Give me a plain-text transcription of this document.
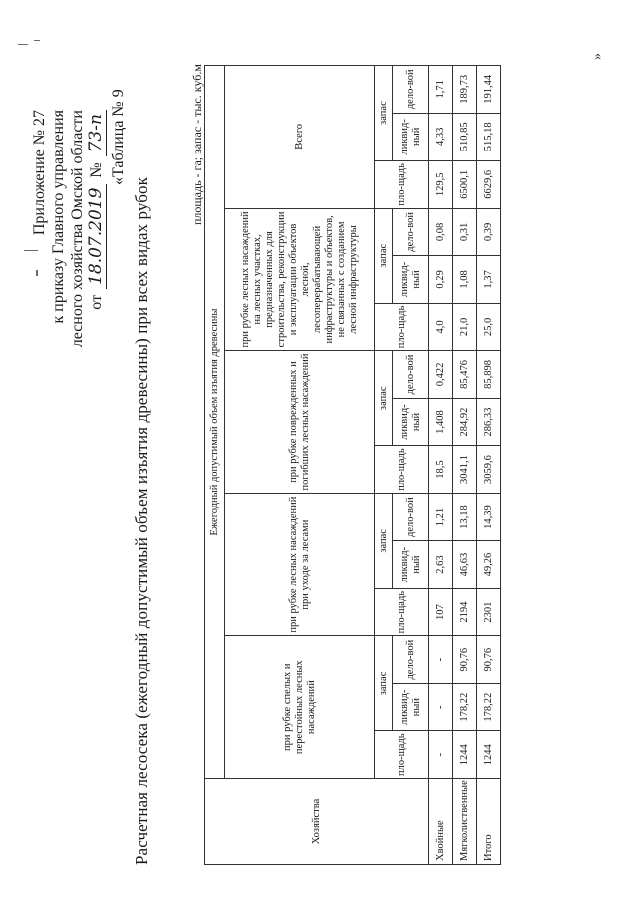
Приложение № 27 к приказу Главного управления лесного хозяйства Омской области от
18.07.2019
№
73-п «Таблица № 9
Расчетная лесосека (ежегодный допустимый объем изъятия древесины) при всех видах рубок
площадь - га; запас - тыс. куб.м
Хозяйства	Ежегодный допустимый объем изъятия древесины														
	при рубке спелых и перестойных лесных насаждений			при рубке лесных насаждений при уходе за лесами			при рубке поврежденных и погибших лесных насаждений			при рубке лесных насаждений на лесных участках, предназначенных для строительства, реконструкции и эксплуатации объектов лесной, лесоперерабатывающей инфраструктуры и объектов, не связанных с созданием лесной инфраструктуры			Всего		
	пло-щадь	запас		пло-щадь	запас		пло-щадь	запас		пло-щадь	запас		пло-щадь	запас	
		ликвид-ный	дело-вой		ликвид-ный	дело-вой		ликвид-ный	дело-вой		ликвид-ный	дело-вой		ликвид-ный	дело-вой
Хвойные	-	-	-	107	2,63	1,21	18,5	1,408	0,422	4,0	0,29	0,08	129,5	4,33	1,71
Мягколиственные	1244	178,22	90,76	2194	46,63	13,18	3041,1	284,92	85,476	21,0	1,08	0,31	6500,1	510,85	189,73
Итого	1244	178,22	90,76	2301	49,26	14,39	3059,6	286,33	85,898	25,0	1,37	0,39	6629,6	515,18	191,44
»
